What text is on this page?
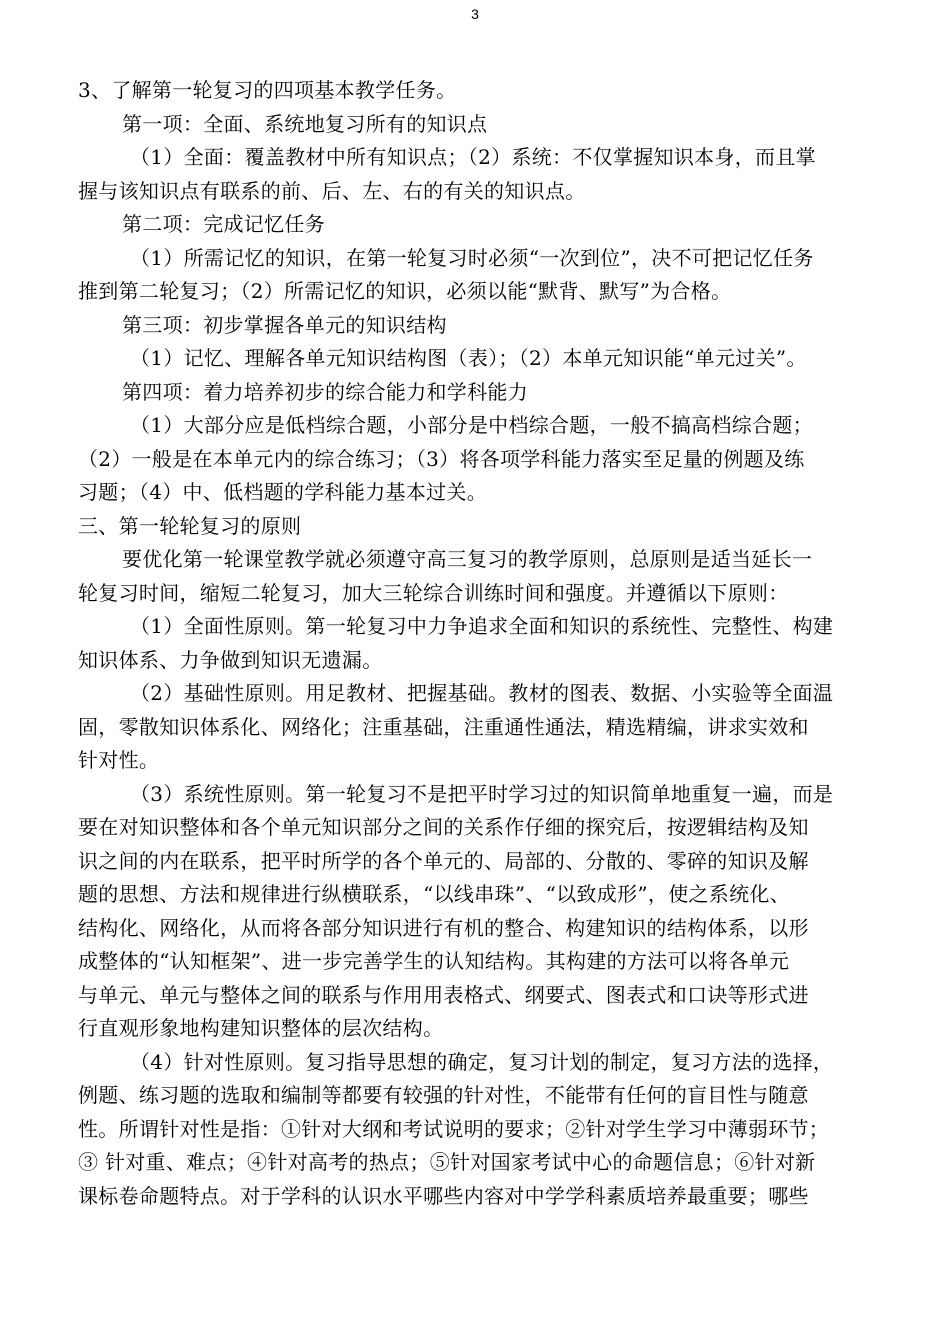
3
3、了解第一轮复习的四项基本教学任务。
第一项：全面、系统地复习所有的知识点
（1）全面：覆盖教材中所有知识点；（2）系统：不仅掌握知识本身，而且掌
握与该知识点有联系的前、后、左、右的有关的知识点。
第二项：完成记忆任务
（1）所需记忆的知识，在第一轮复习时必须“一次到位”，决不可把记忆任务
推到第二轮复习；（2）所需记忆的知识，必须以能“默背、默写”为合格。
第三项：初步掌握各单元的知识结构
（1）记忆、理解各单元知识结构图（表）；（2）本单元知识能“单元过关”。
第四项：着力培养初步的综合能力和学科能力
（1）大部分应是低档综合题，小部分是中档综合题，一般不搞高档综合题；
（2）一般是在本单元内的综合练习；（3）将各项学科能力落实至足量的例题及练
习题；（4）中、低档题的学科能力基本过关。
三、第一轮轮复习的原则
要优化第一轮课堂教学就必须遵守高三复习的教学原则，总原则是适当延长一
轮复习时间，缩短二轮复习，加大三轮综合训练时间和强度。并遵循以下原则：
（1）全面性原则。第一轮复习中力争追求全面和知识的系统性、完整性、构建
知识体系、力争做到知识无遗漏。
（2）基础性原则。用足教材、把握基础。教材的图表、数据、小实验等全面温
固，零散知识体系化、网络化；注重基础，注重通性通法，精选精编，讲求实效和
针对性。
（3）系统性原则。第一轮复习不是把平时学习过的知识简单地重复一遍，而是
要在对知识整体和各个单元知识部分之间的关系作仔细的探究后，按逻辑结构及知
识之间的内在联系，把平时所学的各个单元的、局部的、分散的、零碎的知识及解
题的思想、方法和规律进行纵横联系，“以线串珠”、“以致成形”，使之系统化、
结构化、网络化，从而将各部分知识进行有机的整合、构建知识的结构体系，以形
成整体的“认知框架”、进一步完善学生的认知结构。其构建的方法可以将各单元
与单元、单元与整体之间的联系与作用用表格式、纲要式、图表式和口诀等形式进
行直观形象地构建知识整体的层次结构。
（4）针对性原则。复习指导思想的确定，复习计划的制定，复习方法的选择，
例题、练习题的选取和编制等都要有较强的针对性，不能带有任何的盲目性与随意
性。所谓针对性是指：①针对大纲和考试说明的要求；②针对学生学习中薄弱环节；
③ 针对重、难点；④针对高考的热点；⑤针对国家考试中心的命题信息；⑥针对新
课标卷命题特点。对于学科的认识水平哪些内容对中学学科素质培养最重要；哪些
